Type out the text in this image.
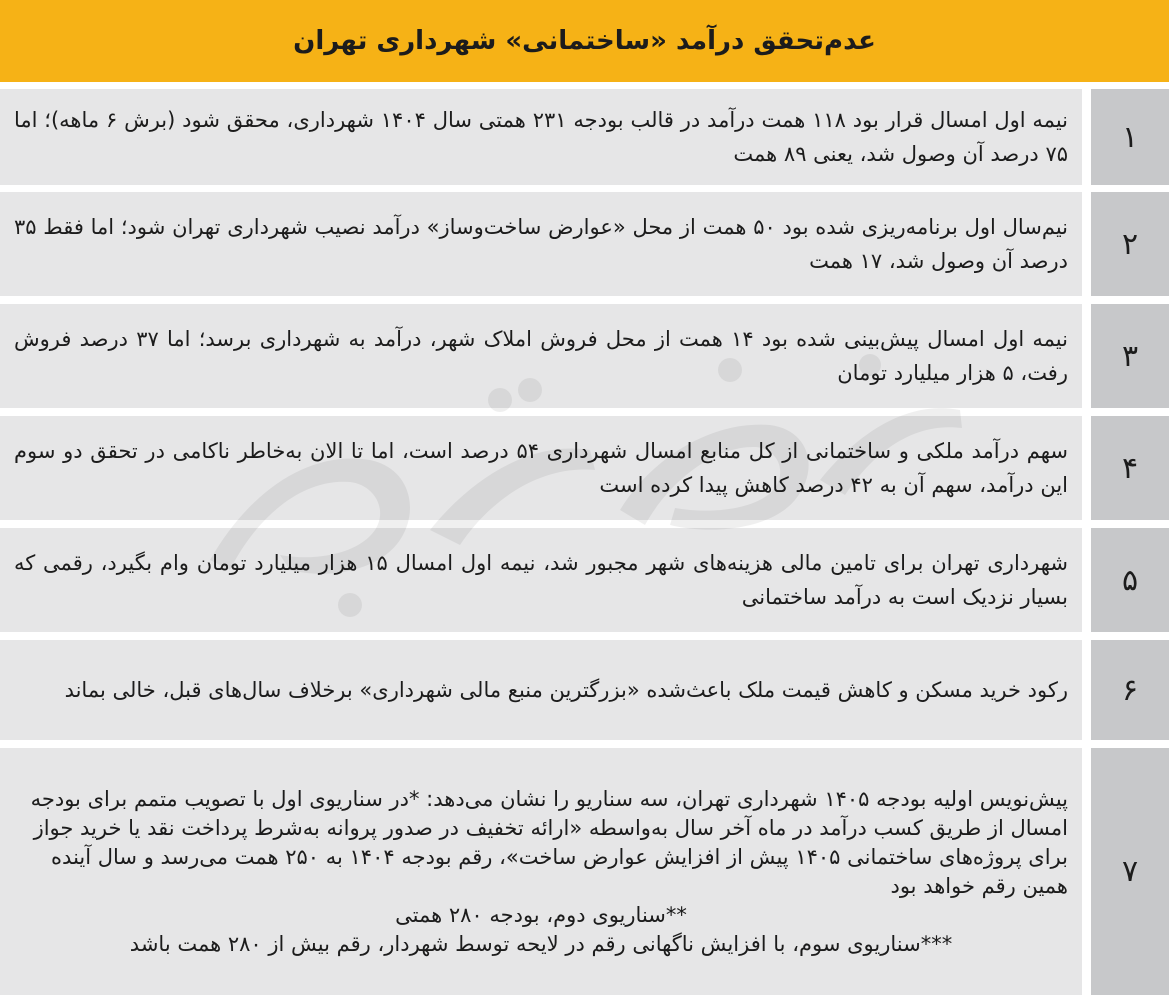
عدم‌تحقق درآمد «ساختمانی» شهرداری تهران

نیمه اول امسال قرار بود ۱۱۸ همت درآمد در قالب بودجه ۲۳۱ همتی سال ۱۴۰۴ شهرداری، محقق شود (برش ۶ ماهه)؛ اما ۷۵ درصد آن وصول شد، یعنی ۸۹ همت ۱

نیم‌سال اول برنامه‌ریزی شده بود ۵۰ همت از محل «عوارض ساخت‌وساز» درآمد نصیب شهرداری تهران شود؛ اما فقط ۳۵ درصد آن وصول شد، ۱۷ همت ۲

نیمه اول امسال پیش‌بینی شده بود ۱۴ همت از محل فروش املاک شهر، درآمد به شهرداری برسد؛ اما ۳۷ درصد فروش رفت، ۵ هزار میلیارد تومان ۳

سهم درآمد ملکی و ساختمانی از کل منابع امسال شهرداری ۵۴ درصد است، اما تا الان به‌خاطر ناکامی در تحقق دو سوم این درآمد، سهم آن به ۴۲ درصد کاهش پیدا کرده است ۴

شهرداری تهران برای تامین مالی هزینه‌های شهر مجبور شد، نیمه اول امسال ۱۵ هزار میلیارد تومان وام بگیرد، رقمی که بسیار نزدیک است به درآمد ساختمانی ۵

رکود خرید مسکن و کاهش قیمت ملک باعث‌شده «بزرگترین منبع مالی شهرداری» برخلاف سال‌های قبل، خالی بماند ۶

پیش‌نویس اولیه بودجه ۱۴۰۵ شهرداری تهران، سه سناریو را نشان می‌دهد: *در سناریوی اول با تصویب متمم برای بودجه امسال از طریق کسب درآمد در ماه آخر سال به‌واسطه «ارائه تخفیف در صدور پروانه به‌شرط پرداخت نقد یا خرید جواز برای پروژه‌های ساختمانی ۱۴۰۵ پیش از افزایش عوارض ساخت»، رقم بودجه ۱۴۰۴ به ۲۵۰ همت می‌رسد و سال آینده همین رقم خواهد بود

**سناریوی دوم، بودجه ۲۸۰ همتی

***سناریوی سوم، با افزایش ناگهانی رقم در لایحه توسط شهردار، رقم بیش از ۲۸۰ همت باشد

۷
